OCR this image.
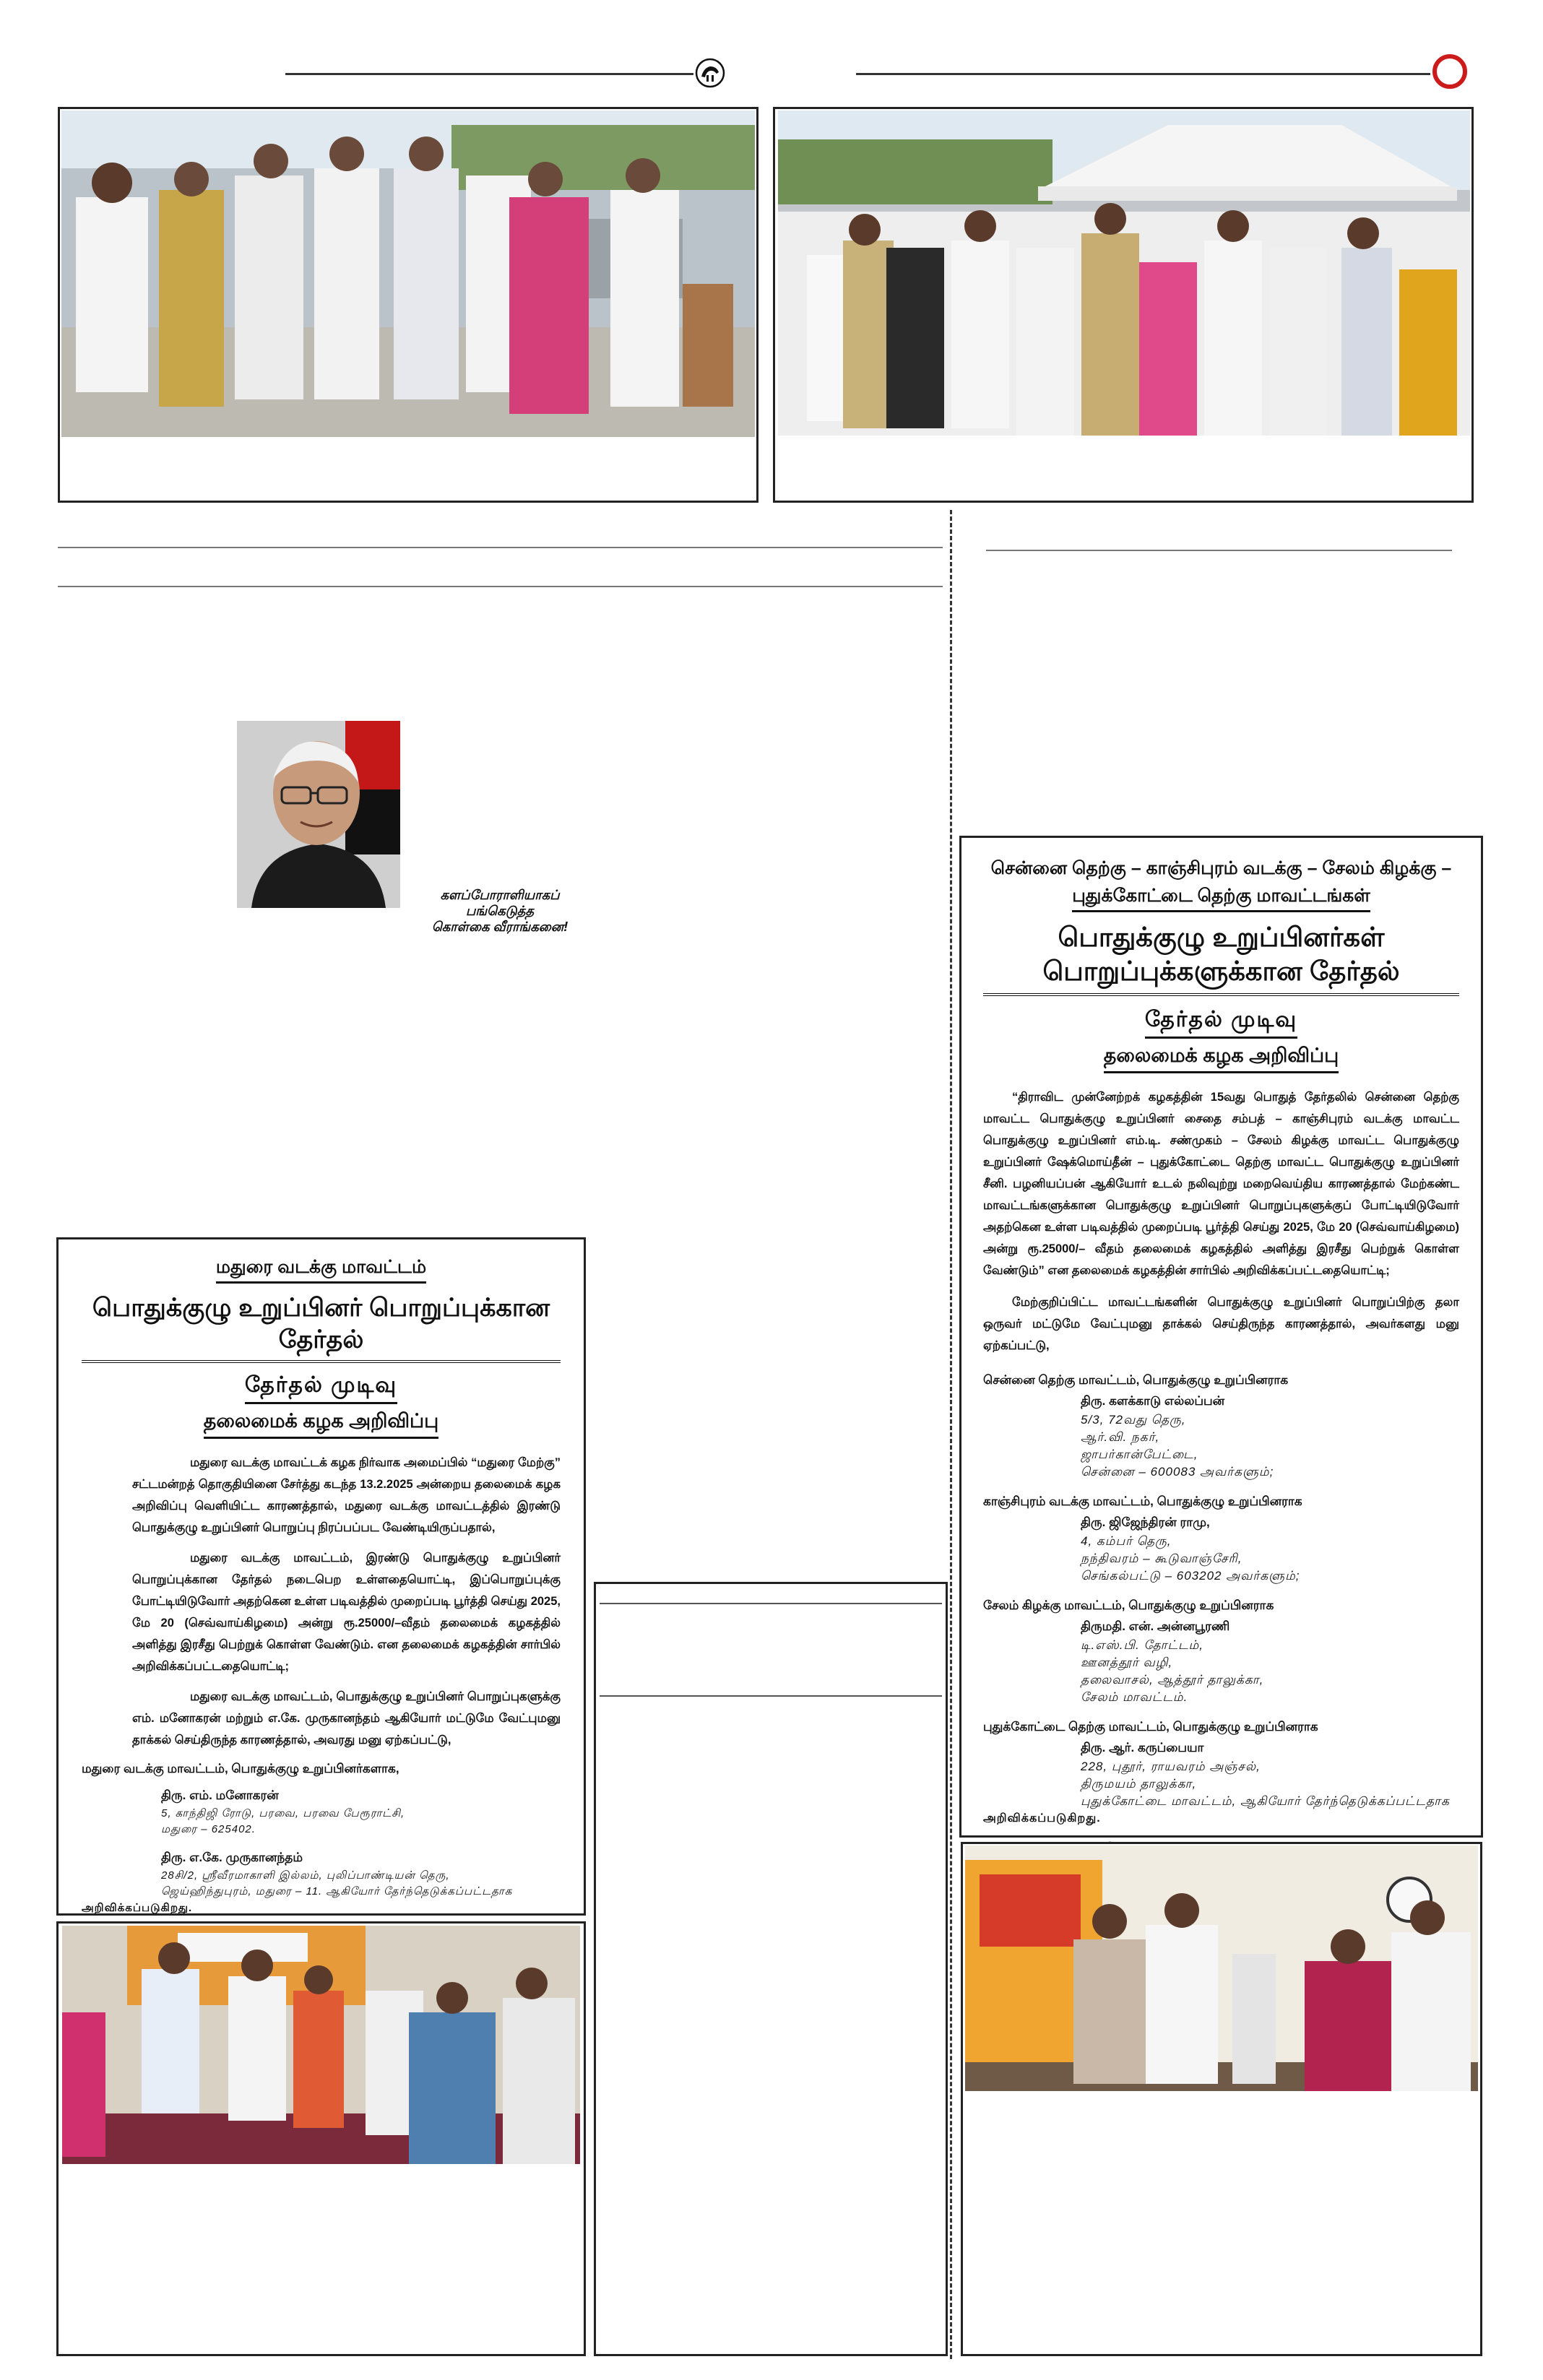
களப்போராளியாகப்
பங்கெடுத்த
கொள்கை வீராங்கனை!
சென்னை தெற்கு – காஞ்சிபுரம் வடக்கு – சேலம் கிழக்கு –
புதுக்கோட்டை தெற்கு மாவட்டங்கள்
பொதுக்குழு உறுப்பினர்கள் பொறுப்புக்களுக்கான தேர்தல்
தேர்தல் முடிவு
தலைமைக் கழக அறிவிப்பு

“திராவிட முன்னேற்றக் கழகத்தின் 15வது பொதுத் தேர்தலில் சென்னை தெற்கு மாவட்ட பொதுக்குழு உறுப்பினர் சைதை சம்பத் – காஞ்சிபுரம் வடக்கு மாவட்ட பொதுக்குழு உறுப்பினர் எம்.டி. சண்முகம் – சேலம் கிழக்கு மாவட்ட பொதுக்குழு உறுப்பினர் ஷேக்மொய்தீன் – புதுக்கோட்டை தெற்கு மாவட்ட பொதுக்குழு உறுப்பினர் சீனி. பழனியப்பன் ஆகியோர் உடல் நலிவுற்று மறைவெய்திய காரணத்தால் மேற்கண்ட மாவட்டங்களுக்கான பொதுக்குழு உறுப்பினர் பொறுப்புகளுக்குப் போட்டியிடுவோர் அதற்கென உள்ள படிவத்தில் முறைப்படி பூர்த்தி செய்து 2025, மே 20 (செவ்வாய்கிழமை) அன்று ரூ.25000/– வீதம் தலைமைக் கழகத்தில் அளித்து இரசீது பெற்றுக் கொள்ள வேண்டும்” என தலைமைக் கழகத்தின் சார்பில் அறிவிக்கப்பட்டதையொட்டி;

மேற்குறிப்பிட்ட மாவட்டங்களின் பொதுக்குழு உறுப்பினர் பொறுப்பிற்கு தலா ஒருவர் மட்டுமே வேட்புமனு தாக்கல் செய்திருந்த காரணத்தால், அவர்களது மனு ஏற்கப்பட்டு,

சென்னை தெற்கு மாவட்டம், பொதுக்குழு உறுப்பினராக
திரு. களக்காடு எல்லப்பன்
5/3, 72வது தெரு,
ஆர்.வி. நகர்,
ஜாபர்கான்பேட்டை,
சென்னை – 600083 அவர்களும்;
காஞ்சிபுரம் வடக்கு மாவட்டம், பொதுக்குழு உறுப்பினராக
திரு. ஜிஜேந்திரன் ராமு,
4, கம்பர் தெரு,
நந்திவரம் – கூடுவாஞ்சேரி,
செங்கல்பட்டு – 603202 அவர்களும்;
சேலம் கிழக்கு மாவட்டம், பொதுக்குழு உறுப்பினராக
திருமதி. என். அன்னபூரணி
டி.எஸ்.பி. தோட்டம்,
ஊனத்தூர் வழி,
தலைவாசல், ஆத்தூர் தாலுக்கா,
சேலம் மாவட்டம்.
புதுக்கோட்டை தெற்கு மாவட்டம், பொதுக்குழு உறுப்பினராக
திரு. ஆர். கருப்பையா
228, புதூர், ராயவரம் அஞ்சல்,
திருமயம் தாலுக்கா,
புதுக்கோட்டை மாவட்டம், ஆகியோர் தேர்ந்தெடுக்கப்பட்டதாக
அறிவிக்கப்படுகிறது.
மதுரை வடக்கு மாவட்டம்
பொதுக்குழு உறுப்பினர் பொறுப்புக்கான தேர்தல்
தேர்தல் முடிவு
தலைமைக் கழக அறிவிப்பு

மதுரை வடக்கு மாவட்டக் கழக நிர்வாக அமைப்பில் “மதுரை மேற்கு” சட்டமன்றத் தொகுதியினை சேர்த்து கடந்த 13.2.2025 அன்றைய தலைமைக் கழக அறிவிப்பு வெளியிட்ட காரணத்தால், மதுரை வடக்கு மாவட்டத்தில் இரண்டு பொதுக்குழு உறுப்பினர் பொறுப்பு நிரப்பப்பட வேண்டியிருப்பதால்,

மதுரை வடக்கு மாவட்டம், இரண்டு பொதுக்குழு உறுப்பினர் பொறுப்புக்கான தேர்தல் நடைபெற உள்ளதையொட்டி, இப்பொறுப்புக்கு போட்டியிடுவோர் அதற்கென உள்ள படிவத்தில் முறைப்படி பூர்த்தி செய்து 2025, மே 20 (செவ்வாய்கிழமை) அன்று ரூ.25000/–வீதம் தலைமைக் கழகத்தில் அளித்து இரசீது பெற்றுக் கொள்ள வேண்டும். என தலைமைக் கழகத்தின் சார்பில் அறிவிக்கப்பட்டதையொட்டி;

மதுரை வடக்கு மாவட்டம், பொதுக்குழு உறுப்பினர் பொறுப்புகளுக்கு எம். மனோகரன் மற்றும் எ.கே. முருகானந்தம் ஆகியோர் மட்டுமே வேட்புமனு தாக்கல் செய்திருந்த காரணத்தால், அவரது மனு ஏற்கப்பட்டு,

மதுரை வடக்கு மாவட்டம், பொதுக்குழு உறுப்பினர்களாக,
திரு. எம். மனோகரன்
5, காந்திஜி ரோடு, பரவை, பரவை பேரூராட்சி,
மதுரை – 625402.
திரு. எ.கே. முருகானந்தம்
28சி/2, ஸ்ரீவீரமாகாளி இல்லம், புலிப்பாண்டியன் தெரு,
ஜெய்ஹிந்துபுரம், மதுரை – 11. ஆகியோர் தேர்ந்தெடுக்கப்பட்டதாக
அறிவிக்கப்படுகிறது.
